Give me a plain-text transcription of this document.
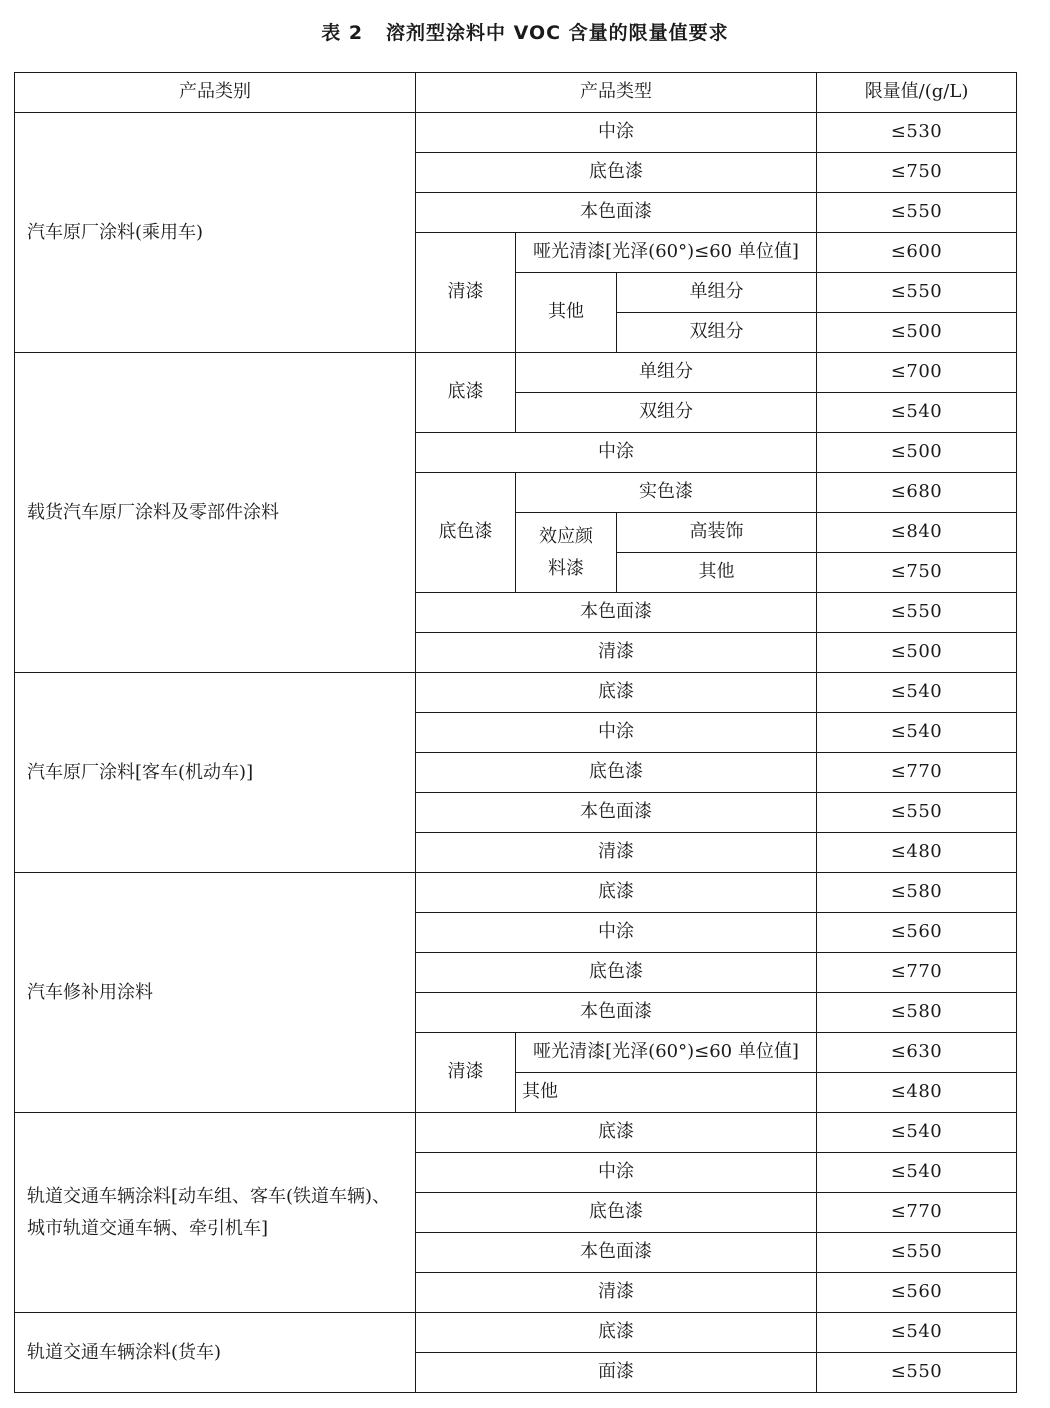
表 2   溶剂型涂料中 VOC 含量的限量值要求
产品类别	产品类型			限量值/(g/L)
汽车原厂涂料(乘用车)	中涂			≤530
	底色漆			≤750
	本色面漆			≤550
	清漆	哑光清漆[光泽(60°)≤60 单位值]		≤600
		其他	单组分	≤550
			双组分	≤500
载货汽车原厂涂料及零部件涂料	底漆	单组分		≤700
		双组分		≤540
	中涂			≤500
	底色漆	实色漆		≤680
		效应颜料漆	高装饰	≤840
			其他	≤750
	本色面漆			≤550
	清漆			≤500
汽车原厂涂料[客车(机动车)]	底漆			≤540
	中涂			≤540
	底色漆			≤770
	本色面漆			≤550
	清漆			≤480
汽车修补用涂料	底漆			≤580
	中涂			≤560
	底色漆			≤770
	本色面漆			≤580
	清漆	哑光清漆[光泽(60°)≤60 单位值]		≤630
		其他		≤480
轨道交通车辆涂料[动车组、客车(铁道车辆)、城市轨道交通车辆、牵引机车]	底漆			≤540
	中涂			≤540
	底色漆			≤770
	本色面漆			≤550
	清漆			≤560
轨道交通车辆涂料(货车)	底漆			≤540
	面漆			≤550
